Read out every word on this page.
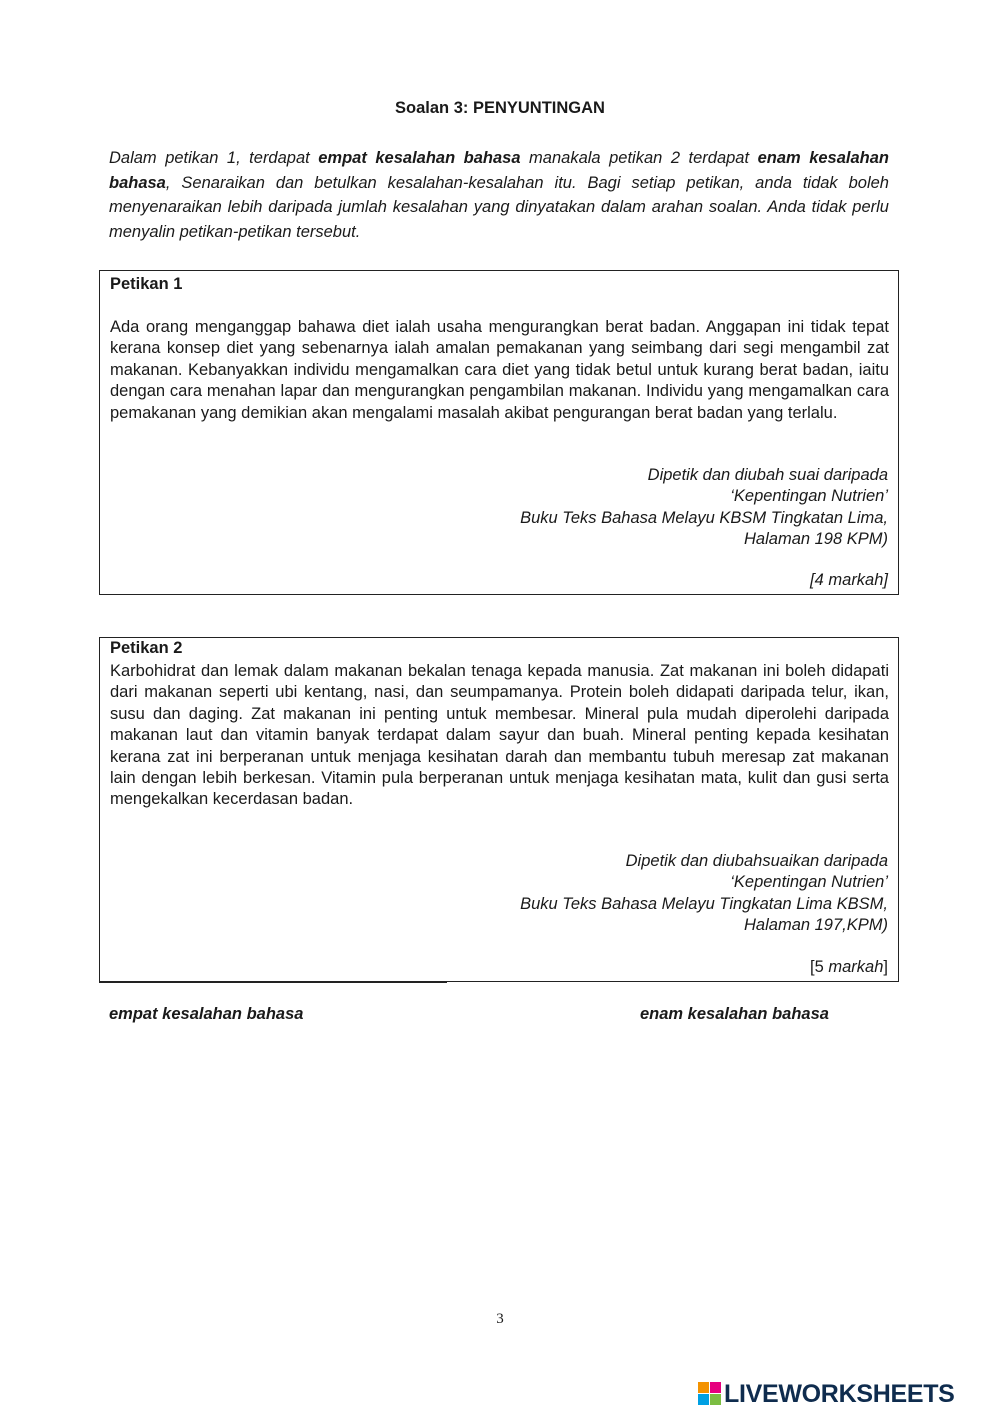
Soalan 3: PENYUNTINGAN
Dalam petikan 1, terdapat empat kesalahan bahasa manakala petikan 2 terdapat enam kesalahan bahasa, Senaraikan dan betulkan kesalahan-kesalahan itu. Bagi setiap petikan, anda tidak boleh menyenaraikan lebih daripada jumlah kesalahan yang dinyatakan dalam arahan soalan. Anda tidak perlu menyalin petikan-petikan tersebut.
Petikan 1
Ada orang menganggap bahawa diet ialah usaha mengurangkan berat badan. Anggapan ini tidak tepat kerana konsep diet yang sebenarnya ialah amalan pemakanan yang seimbang dari segi mengambil zat makanan. Kebanyakkan individu mengamalkan cara diet yang tidak betul untuk kurang berat badan, iaitu dengan cara menahan lapar dan mengurangkan pengambilan makanan. Individu yang mengamalkan cara pemakanan yang demikian akan mengalami masalah akibat pengurangan berat badan yang terlalu.
Dipetik dan diubah suai daripada
‘Kepentingan Nutrien’
Buku Teks Bahasa Melayu KBSM Tingkatan Lima,
Halaman 198 KPM)
[4 markah]
Petikan 2
Karbohidrat dan lemak dalam makanan bekalan tenaga kepada manusia. Zat makanan ini boleh didapati dari makanan seperti ubi kentang, nasi, dan seumpamanya. Protein boleh didapati daripada telur, ikan, susu dan daging. Zat makanan ini penting untuk membesar. Mineral pula mudah diperolehi daripada makanan laut dan vitamin banyak terdapat dalam sayur dan buah. Mineral penting kepada kesihatan kerana zat ini berperanan untuk menjaga kesihatan darah dan membantu tubuh meresap zat makanan lain dengan lebih berkesan. Vitamin pula berperanan untuk menjaga kesihatan mata, kulit dan gusi serta mengekalkan kecerdasan badan.
Dipetik dan diubahsuaikan daripada
‘Kepentingan Nutrien’
Buku Teks Bahasa Melayu Tingkatan Lima KBSM,
Halaman 197,KPM)
[5 markah]
empat kesalahan bahasa	enam kesalahan bahasa
3
LIVEWORKSHEETS
